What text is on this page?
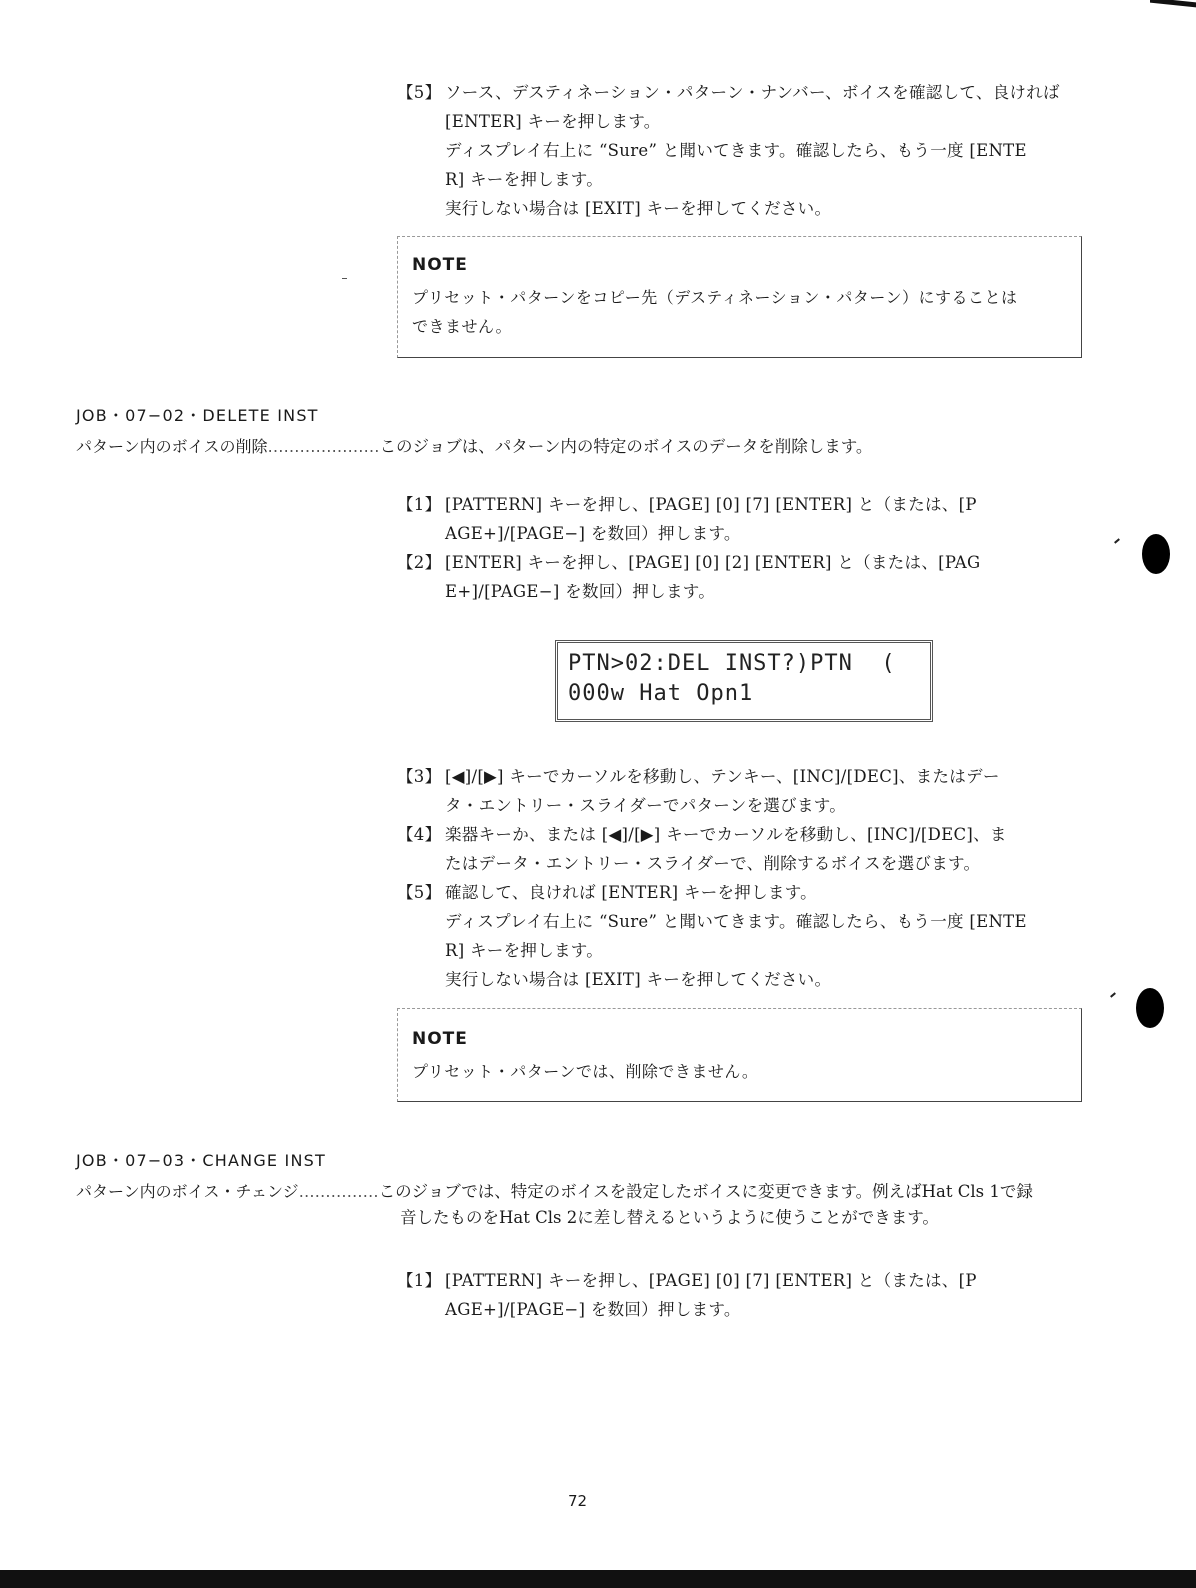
【5】 ソース、デスティネーション・パターン・ナンバー、ボイスを確認して、良ければ
[ENTER] キーを押します。
ディスプレイ右上に “Sure” と聞いてきます。確認したら、もう一度 [ENTE
R] キーを押します。
実行しない場合は [EXIT] キーを押してください。
NOTE
プリセット・パターンをコピー先（デスティネーション・パターン）にすることは
できません。
JOB・07−02・DELETE INST
パターン内のボイスの削除…………………このジョブは、パターン内の特定のボイスのデータを削除します。
【1】 [PATTERN] キーを押し、[PAGE] [0] [7] [ENTER] と（または、[P
AGE+]/[PAGE−] を数回）押します。
【2】 [ENTER] キーを押し、[PAGE] [0] [2] [ENTER] と（または、[PAG
E+]/[PAGE−] を数回）押します。
PTN>02:DEL INST?)PTN  (
000w Hat Opn1
【3】 [◀]/[▶] キーでカーソルを移動し、テンキー、[INC]/[DEC]、またはデー
タ・エントリー・スライダーでパターンを選びます。
【4】 楽器キーか、または [◀]/[▶] キーでカーソルを移動し、[INC]/[DEC]、ま
たはデータ・エントリー・スライダーで、削除するボイスを選びます。
【5】 確認して、良ければ [ENTER] キーを押します。
ディスプレイ右上に “Sure” と聞いてきます。確認したら、もう一度 [ENTE
R] キーを押します。
実行しない場合は [EXIT] キーを押してください。
NOTE
プリセット・パターンでは、削除できません。
JOB・07−03・CHANGE INST
パターン内のボイス・チェンジ……………このジョブでは、特定のボイスを設定したボイスに変更できます。例えばHat Cls 1で録
音したものをHat Cls 2に差し替えるというように使うことができます。
【1】 [PATTERN] キーを押し、[PAGE] [0] [7] [ENTER] と（または、[P
AGE+]/[PAGE−] を数回）押します。
72
